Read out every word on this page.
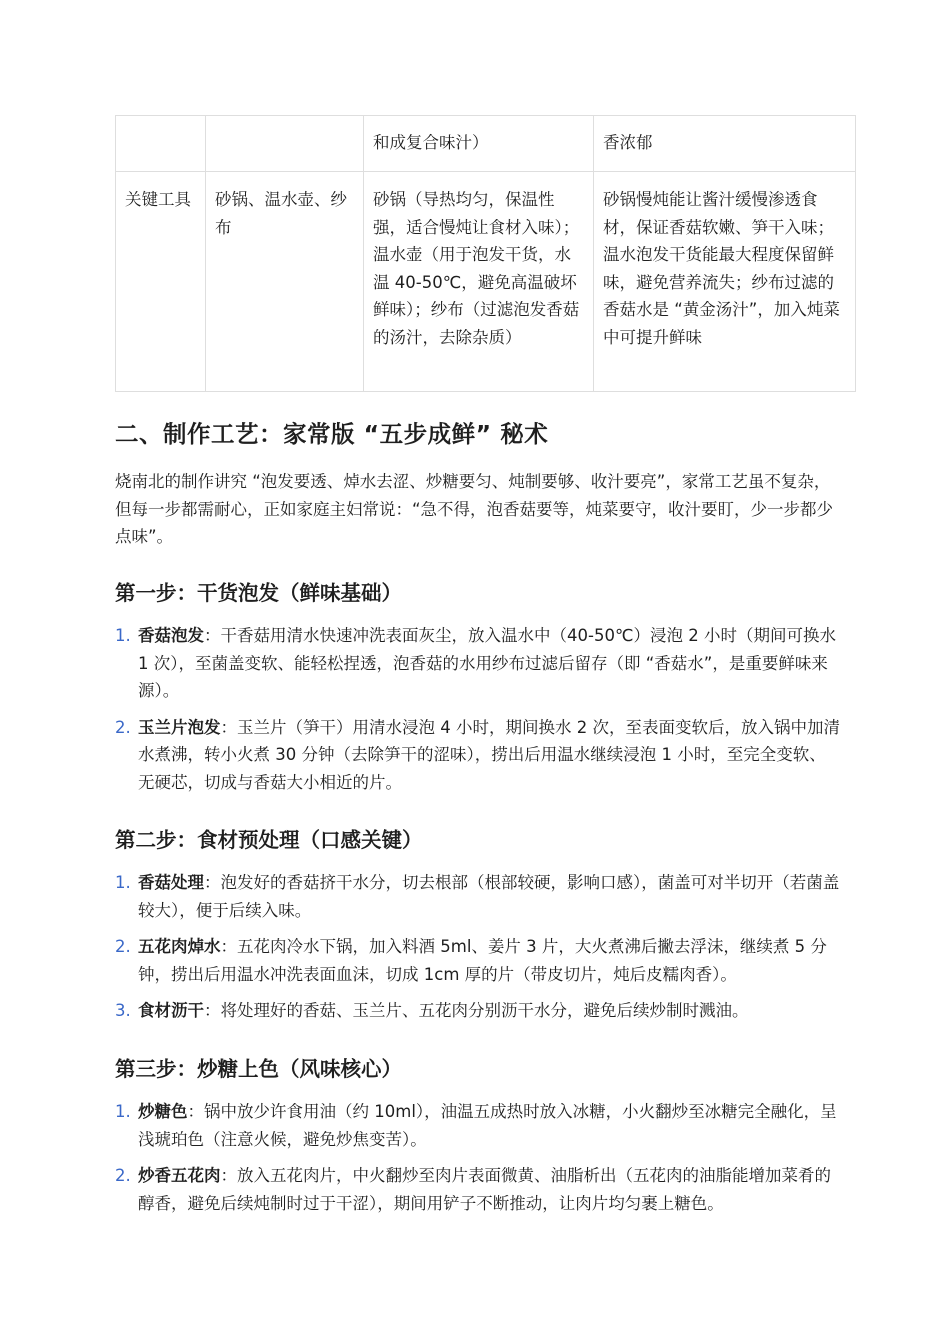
		和成复合味汁）	香浓郁

关键工具	砂锅、温水壶、纱布	砂锅（导热均匀，保温性强，适合慢炖让食材入味）；温水壶（用于泡发干货，水温 40-50℃，避免高温破坏鲜味）；纱布（过滤泡发香菇的汤汁，去除杂质）	砂锅慢炖能让酱汁缓慢渗透食材，保证香菇软嫩、笋干入味；温水泡发干货能最大程度保留鲜味，避免营养流失；纱布过滤的香菇水是 “黄金汤汁”，加入炖菜中可提升鲜味
二、制作工艺：家常版 “五步成鲜” 秘术

烧南北的制作讲究 “泡发要透、焯水去涩、炒糖要匀、炖制要够、收汁要亮”，家常工艺虽不复杂，但每一步都需耐心，正如家庭主妇常说：“急不得，泡香菇要等，炖菜要守，收汁要盯，少一步都少点味”。

第一步：干货泡发（鲜味基础）
1. 香菇泡发：干香菇用清水快速冲洗表面灰尘，放入温水中（40-50℃）浸泡 2 小时（期间可换水 1 次），至菌盖变软、能轻松捏透，泡香菇的水用纱布过滤后留存（即 “香菇水”，是重要鲜味来源）。
2. 玉兰片泡发：玉兰片（笋干）用清水浸泡 4 小时，期间换水 2 次，至表面变软后，放入锅中加清水煮沸，转小火煮 30 分钟（去除笋干的涩味），捞出后用温水继续浸泡 1 小时，至完全变软、无硬芯，切成与香菇大小相近的片。
第二步：食材预处理（口感关键）
1. 香菇处理：泡发好的香菇挤干水分，切去根部（根部较硬，影响口感），菌盖可对半切开（若菌盖较大），便于后续入味。
2. 五花肉焯水：五花肉冷水下锅，加入料酒 5ml、姜片 3 片，大火煮沸后撇去浮沫，继续煮 5 分钟，捞出后用温水冲洗表面血沫，切成 1cm 厚的片（带皮切片，炖后皮糯肉香）。
3. 食材沥干：将处理好的香菇、玉兰片、五花肉分别沥干水分，避免后续炒制时溅油。
第三步：炒糖上色（风味核心）
1. 炒糖色：锅中放少许食用油（约 10ml），油温五成热时放入冰糖，小火翻炒至冰糖完全融化，呈浅琥珀色（注意火候，避免炒焦变苦）。
2. 炒香五花肉：放入五花肉片，中火翻炒至肉片表面微黄、油脂析出（五花肉的油脂能增加菜肴的醇香，避免后续炖制时过于干涩），期间用铲子不断推动，让肉片均匀裹上糖色。
